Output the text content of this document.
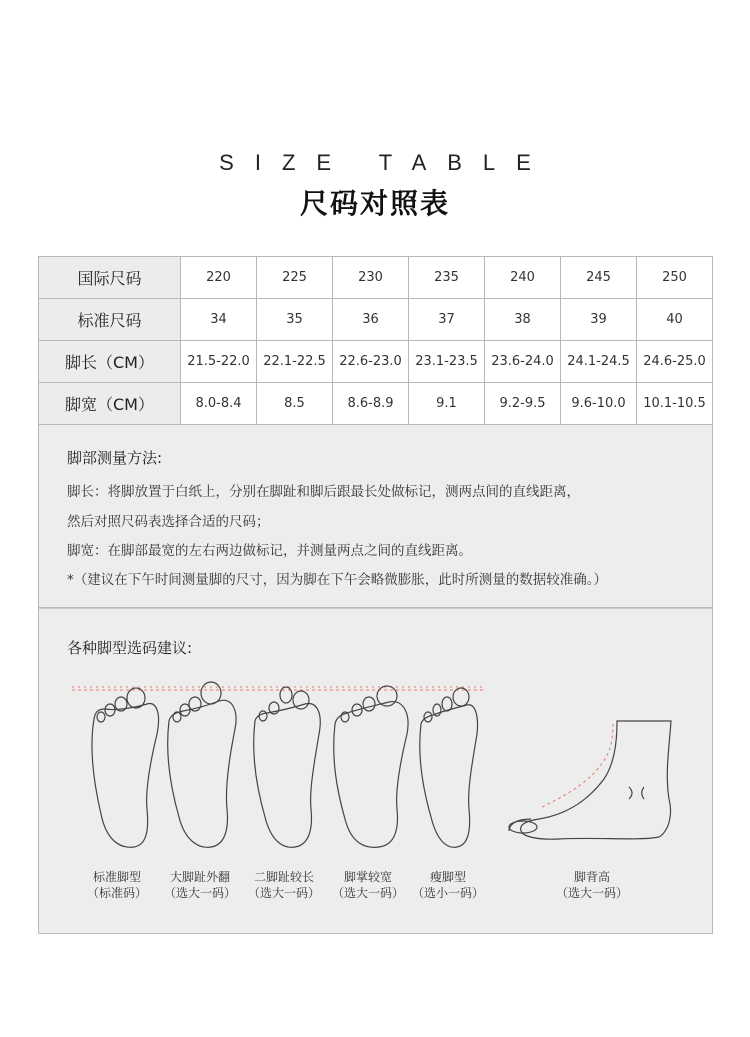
SIZE TABLE
尺码对照表
国际尺码	220	225	230	235	240	245	250
标准尺码	34	35	36	37	38	39	40
脚长（CM）	21.5-22.0	22.1-22.5	22.6-23.0	23.1-23.5	23.6-24.0	24.1-24.5	24.6-25.0
脚宽（CM）	8.0-8.4	8.5	8.6-8.9	9.1	9.2-9.5	9.6-10.0	10.1-10.5
脚部测量方法:
脚长：将脚放置于白纸上，分别在脚趾和脚后跟最长处做标记，测两点间的直线距离，
然后对照尺码表选择合适的尺码；
脚宽：在脚部最宽的左右两边做标记，并测量两点之间的直线距离。
*（建议在下午时间测量脚的尺寸，因为脚在下午会略微膨胀，此时所测量的数据较准确。）
各种脚型选码建议:
标准脚型
（标准码）
大脚趾外翻
（选大一码）
二脚趾较长
（选大一码）
脚掌较宽
（选大一码）
瘦脚型
（选小一码）
脚背高
（选大一码）
